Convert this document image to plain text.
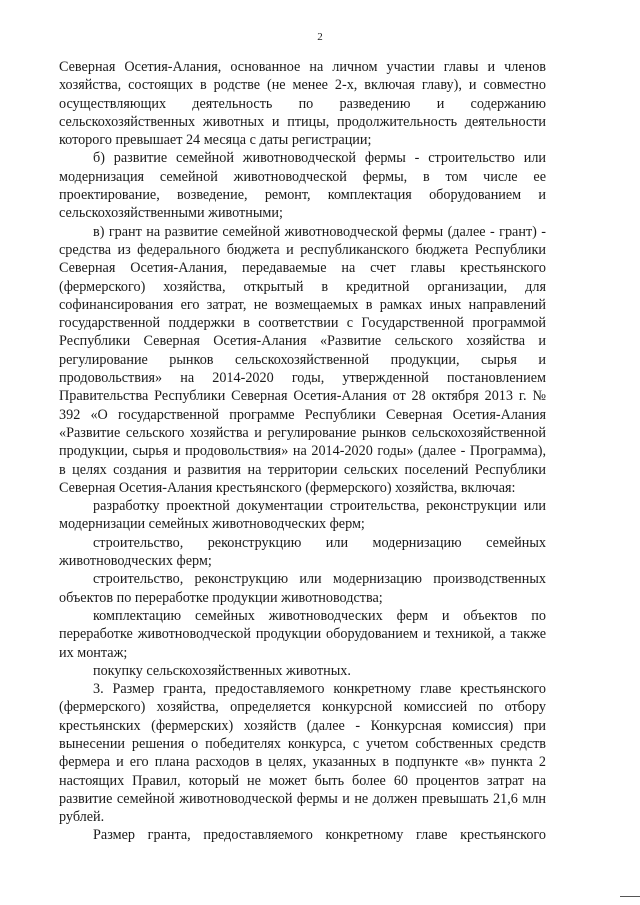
2

Северная Осетия-Алания, основанное на личном участии главы и членов хозяйства, состоящих в родстве (не менее 2-х, включая главу), и совместно осуществляющих деятельность по разведению и содержанию сельскохозяйственных животных и птицы, продолжительность деятельности которого превышает 24 месяца с даты регистрации;

б) развитие семейной животноводческой фермы - строительство или модернизация семейной животноводческой фермы, в том числе ее проектирование, возведение, ремонт, комплектация оборудованием и сельскохозяйственными животными;

в) грант на развитие семейной животноводческой фермы (далее - грант) - средства из федерального бюджета и республиканского бюджета Республики Северная Осетия-Алания, передаваемые на счет главы крестьянского (фермерского) хозяйства, открытый в кредитной организации, для софинансирования его затрат, не возмещаемых в рамках иных направлений государственной поддержки в соответствии с Государственной программой Республики Северная Осетия-Алания «Развитие сельского хозяйства и регулирование рынков сельскохозяйственной продукции, сырья и продовольствия» на 2014-2020 годы, утвержденной постановлением Правительства Республики Северная Осетия-Алания от 28 октября 2013 г. № 392 «О государственной программе Республики Северная Осетия-Алания «Развитие сельского хозяйства и регулирование рынков сельскохозяйственной продукции, сырья и продовольствия» на 2014-2020 годы» (далее - Программа), в целях создания и развития на территории сельских поселений Республики Северная Осетия-Алания крестьянского (фермерского) хозяйства, включая:

разработку проектной документации строительства, реконструкции или модернизации семейных животноводческих ферм;

строительство, реконструкцию или модернизацию семейных животноводческих ферм;

строительство, реконструкцию или модернизацию производственных объектов по переработке продукции животноводства;

комплектацию семейных животноводческих ферм и объектов по переработке животноводческой продукции оборудованием и техникой, а также их монтаж;

покупку сельскохозяйственных животных.

3. Размер гранта, предоставляемого конкретному главе крестьянского (фермерского) хозяйства, определяется конкурсной комиссией по отбору крестьянских (фермерских) хозяйств (далее - Конкурсная комиссия) при вынесении решения о победителях конкурса, с учетом собственных средств фермера и его плана расходов в целях, указанных в подпункте «в» пункта 2 настоящих Правил, который не может быть более 60 процентов затрат на развитие семейной животноводческой фермы и не должен превышать 21,6 млн рублей.

Размер гранта, предоставляемого конкретному главе крестьянского
